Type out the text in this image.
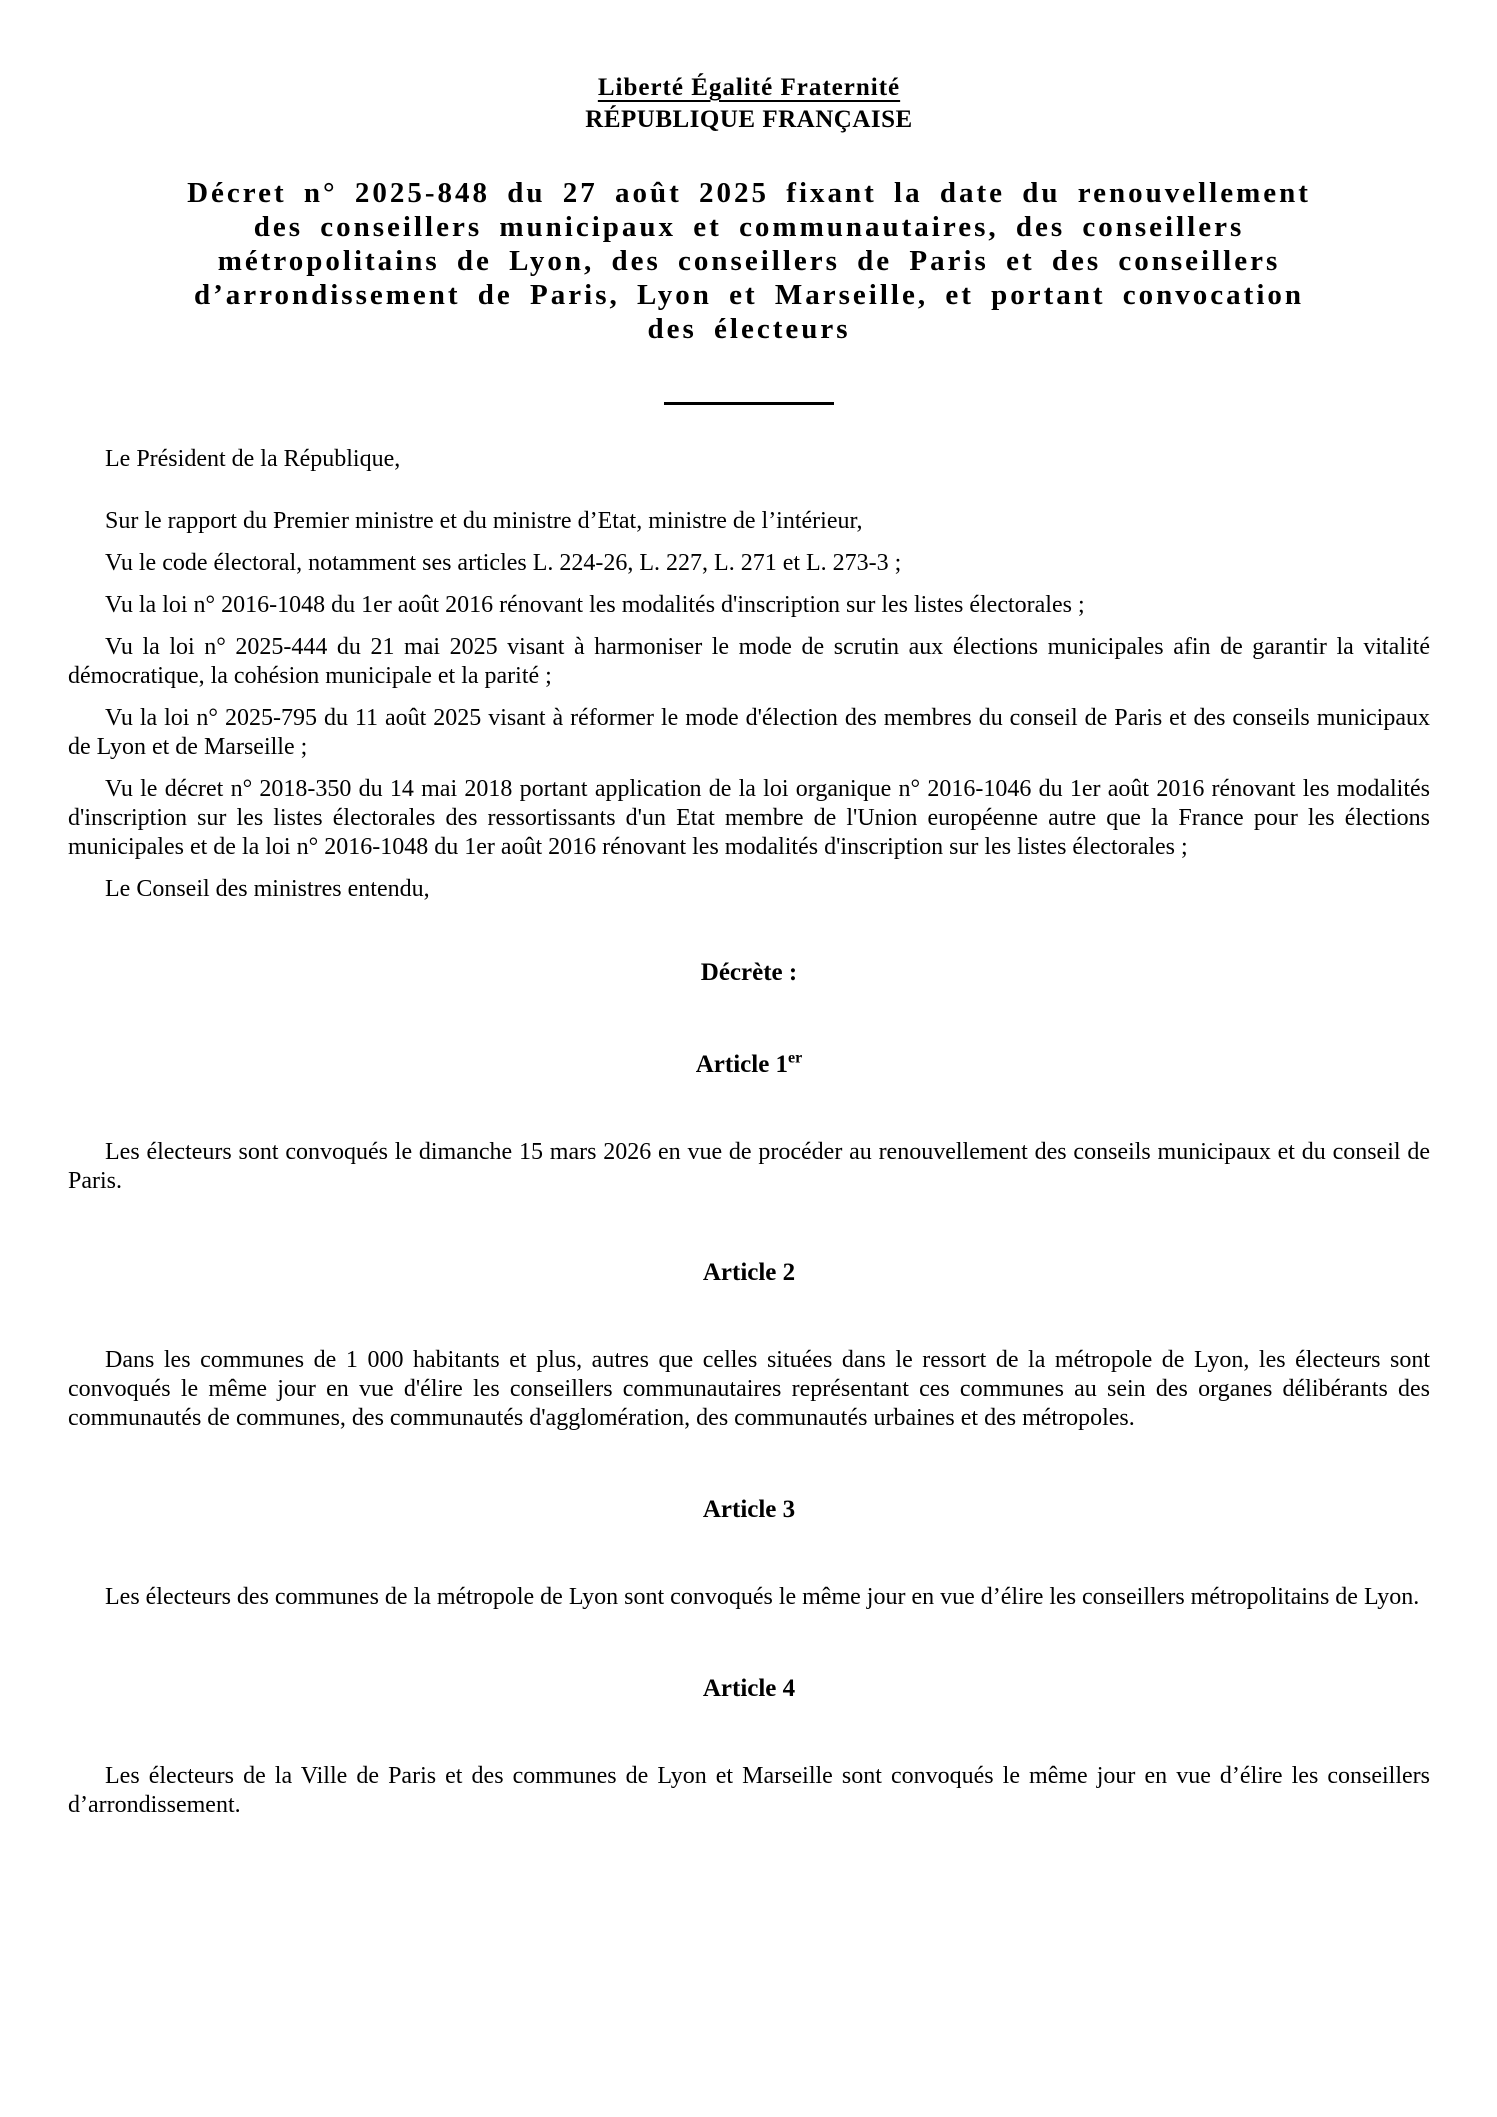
Liberté Égalité Fraternité
RÉPUBLIQUE FRANÇAISE
Décret n° 2025-848 du 27 août 2025 fixant la date du renouvellement
des conseillers municipaux et communautaires, des conseillers
métropolitains de Lyon, des conseillers de Paris et des conseillers
d’arrondissement de Paris, Lyon et Marseille, et portant convocation
des électeurs

Le Président de la République,

Sur le rapport du Premier ministre et du ministre d’Etat, ministre de l’intérieur,

Vu le code électoral, notamment ses articles L. 224-26, L. 227, L. 271 et L. 273-3 ;

Vu la loi n° 2016-1048 du 1er août 2016 rénovant les modalités d'inscription sur les listes électorales ;

Vu la loi n° 2025-444 du 21 mai 2025 visant à harmoniser le mode de scrutin aux élections municipales afin de garantir la vitalité démocratique, la cohésion municipale et la parité ;

Vu la loi n° 2025-795 du 11 août 2025 visant à réformer le mode d'élection des membres du conseil de Paris et des conseils municipaux de Lyon et de Marseille ;

Vu le décret n° 2018-350 du 14 mai 2018 portant application de la loi organique n° 2016-1046 du 1er août 2016 rénovant les modalités d'inscription sur les listes électorales des ressortissants d'un Etat membre de l'Union européenne autre que la France pour les élections municipales et de la loi n° 2016-1048 du 1er août 2016 rénovant les modalités d'inscription sur les listes électorales ;

Le Conseil des ministres entendu,

Décrète :
Article 1er

Les électeurs sont convoqués le dimanche 15 mars 2026 en vue de procéder au renouvellement des conseils municipaux et du conseil de Paris.

Article 2

Dans les communes de 1 000 habitants et plus, autres que celles situées dans le ressort de la métropole de Lyon, les électeurs sont convoqués le même jour en vue d'élire les conseillers communautaires représentant ces communes au sein des organes délibérants des communautés de communes, des communautés d'agglomération, des communautés urbaines et des métropoles.

Article 3

Les électeurs des communes de la métropole de Lyon sont convoqués le même jour en vue d’élire les conseillers métropolitains de Lyon.

Article 4

Les électeurs de la Ville de Paris et des communes de Lyon et Marseille sont convoqués le même jour en vue d’élire les conseillers d’arrondissement.
